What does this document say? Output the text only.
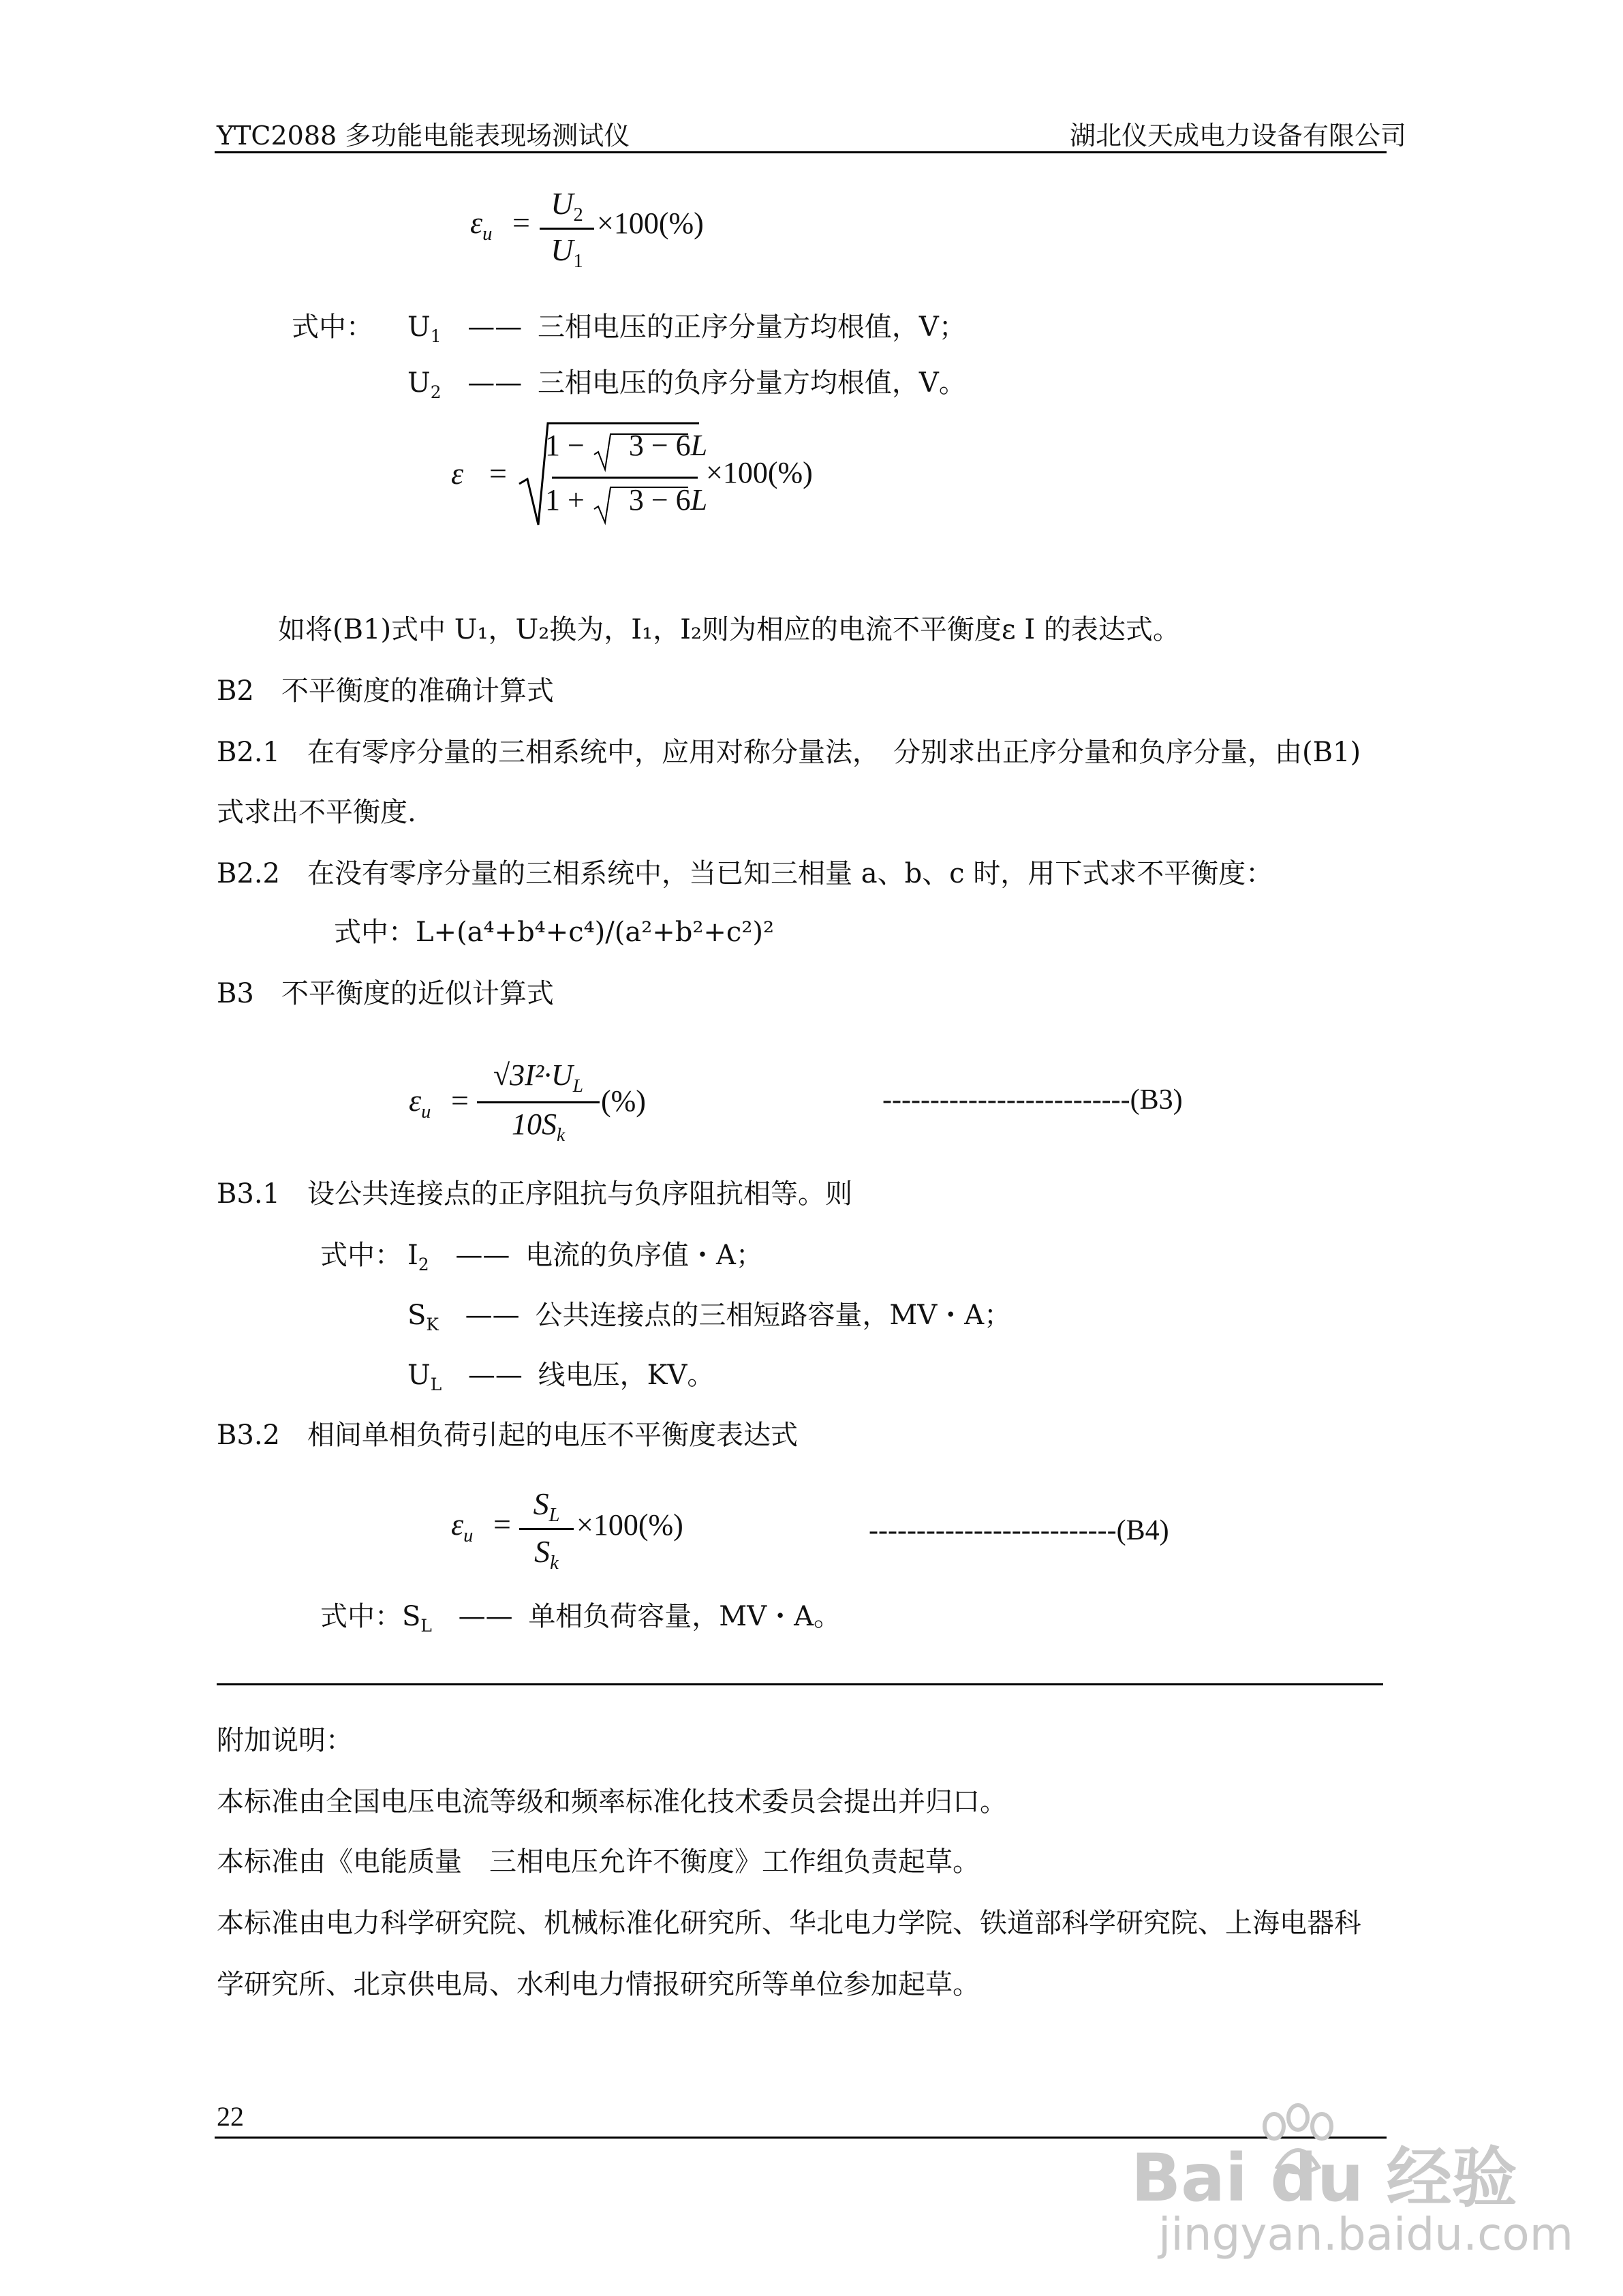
YTC2088 多功能电能表现场测试仪	湖北仪天成电力设备有限公司
$\varepsilon_u$ =
$U_2$
$U_1$
×100(%)
式中： $U_1$ —— 三相电压的正序分量方均根值，V；
$U_2$ —— 三相电压的负序分量方均根值，V。
ε =
1 − 3 − 6L
1 + 3 − 6L
×100(%)
如将(B1)式中 U₁，U₂换为，I₁，I₂则为相应的电流不平衡度ε I 的表达式。
B2　不平衡度的准确计算式
B2.1　在有零序分量的三相系统中，应用对称分量法，　分别求出正序分量和负序分量，由(B1)
式求出不平衡度.
B2.2　在没有零序分量的三相系统中，当已知三相量 a、b、c 时，用下式求不平衡度：
式中：L+(a⁴+b⁴+c⁴)/(a²+b²+c²)²
B3　不平衡度的近似计算式
$\varepsilon_u$ =
$√3I^2\cdot U_L$
$10S_k$
(%)	--------------------------(B3)
B3.1　设公共连接点的正序阻抗与负序阻抗相等。则
式中： $I_2$ —— 电流的负序值・A；
$S_K$ —— 公共连接点的三相短路容量，MV・A；
$U_L$ —— 线电压，KV。
B3.2　相间单相负荷引起的电压不平衡度表达式
$\varepsilon_u$ =
$S_L$
$S_k$
×100(%)	--------------------------(B4)
式中：$S_L$ —— 单相负荷容量，MV・A。
附加说明：
本标准由全国电压电流等级和频率标准化技术委员会提出并归口。
本标准由《电能质量　三相电压允许不衡度》工作组负责起草。
本标准由电力科学研究院、机械标准化研究所、华北电力学院、铁道部科学研究院、上海电器科
学研究所、北京供电局、水利电力情报研究所等单位参加起草。
22
Bai du 经验
jingyan.baidu.com
